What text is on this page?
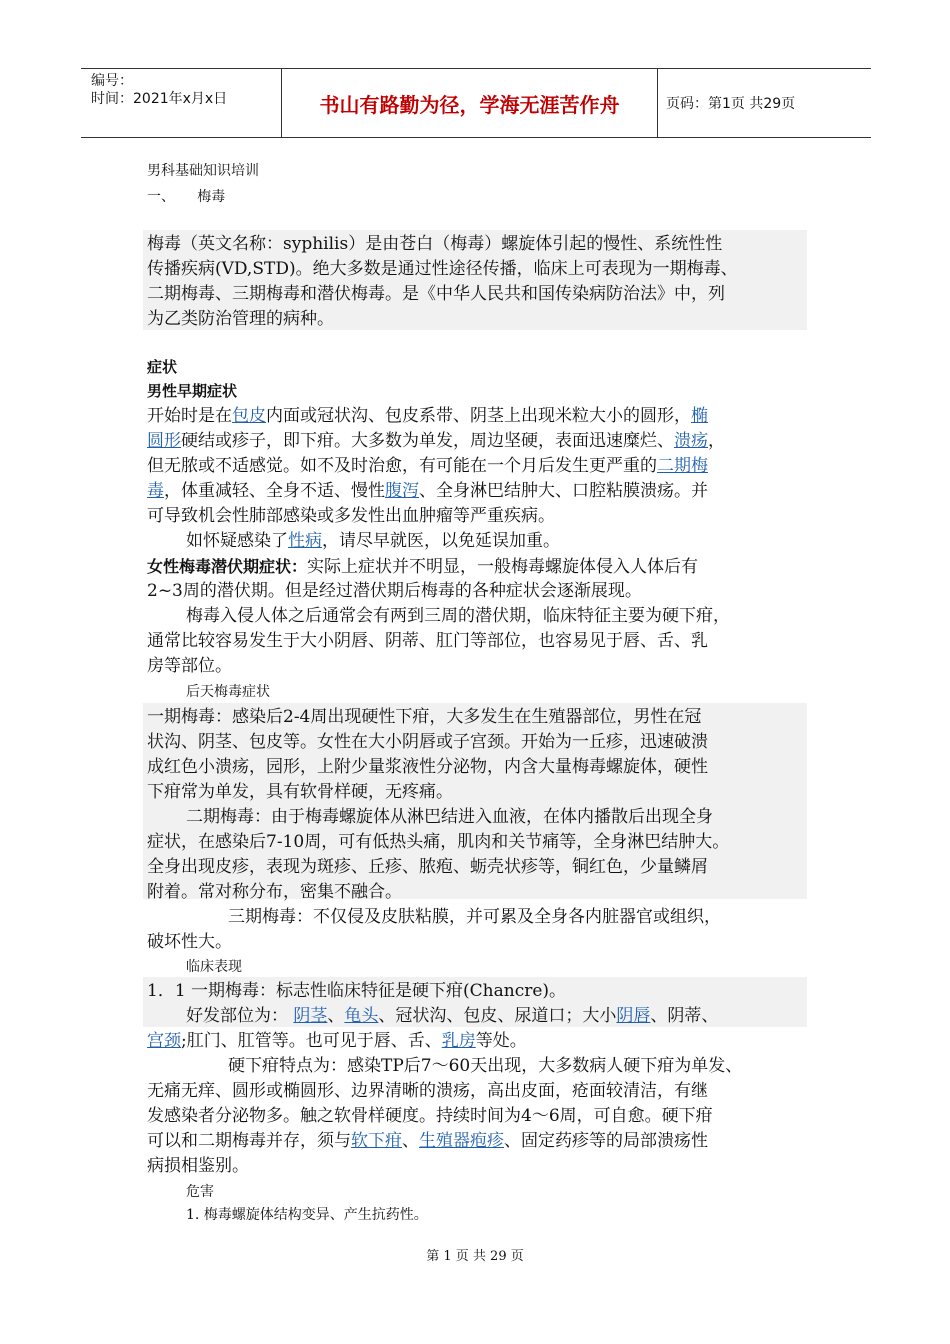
编号：
时间：2021年x月x日	书山有路勤为径，学海无涯苦作舟	页码：第1页 共29页
男科基础知识培训
一、     梅毒
梅毒（英文名称：syphilis）是由苍白（梅毒）螺旋体引起的慢性、系统性性
传播疾病(VD,STD)。绝大多数是通过性途径传播，临床上可表现为一期梅毒、
二期梅毒、三期梅毒和潜伏梅毒。是《中华人民共和国传染病防治法》中，列
为乙类防治管理的病种。
症状
男性早期症状
开始时是在包皮内面或冠状沟、包皮系带、阴茎上出现米粒大小的圆形，椭
圆形硬结或疹子，即下疳。大多数为单发，周边坚硬，表面迅速糜烂、溃疡，
但无脓或不适感觉。如不及时治愈，有可能在一个月后发生更严重的二期梅
毒，体重减轻、全身不适、慢性腹泻、全身淋巴结肿大、口腔粘膜溃疡。并
可导致机会性肺部感染或多发性出血肿瘤等严重疾病。
如怀疑感染了性病，请尽早就医，以免延误加重。
女性梅毒潜伏期症状：实际上症状并不明显，一般梅毒螺旋体侵入人体后有
2~3周的潜伏期。但是经过潜伏期后梅毒的各种症状会逐渐展现。
梅毒入侵人体之后通常会有两到三周的潜伏期，临床特征主要为硬下疳，
通常比较容易发生于大小阴唇、阴蒂、肛门等部位，也容易见于唇、舌、乳
房等部位。
后天梅毒症状
一期梅毒：感染后2-4周出现硬性下疳，大多发生在生殖器部位，男性在冠
状沟、阴茎、包皮等。女性在大小阴唇或子宫颈。开始为一丘疹，迅速破溃
成红色小溃疡，园形，上附少量浆液性分泌物，内含大量梅毒螺旋体，硬性
下疳常为单发，具有软骨样硬，无疼痛。
二期梅毒：由于梅毒螺旋体从淋巴结进入血液，在体内播散后出现全身
症状，在感染后7-10周，可有低热头痛，肌肉和关节痛等，全身淋巴结肿大。
全身出现皮疹，表现为斑疹、丘疹、脓疱、蛎壳状疹等，铜红色，少量鳞屑
附着。常对称分布，密集不融合。
三期梅毒：不仅侵及皮肤粘膜，并可累及全身各内脏器官或组织，
破坏性大。
临床表现
1．1 一期梅毒：标志性临床特征是硬下疳(Chancre)。
好发部位为： 阴茎、龟头、冠状沟、包皮、尿道口；大小阴唇、阴蒂、
宫颈;肛门、肛管等。也可见于唇、舌、乳房等处。
硬下疳特点为：感染TP后7～60天出现，大多数病人硬下疳为单发、
无痛无痒、圆形或椭圆形、边界清晰的溃疡，高出皮面，疮面较清洁，有继
发感染者分泌物多。触之软骨样硬度。持续时间为4～6周，可自愈。硬下疳
可以和二期梅毒并存，须与软下疳、生殖器疱疹、固定药疹等的局部溃疡性
病损相鉴别。
危害
1. 梅毒螺旋体结构变异、产生抗药性。
第 1 页 共 29 页
